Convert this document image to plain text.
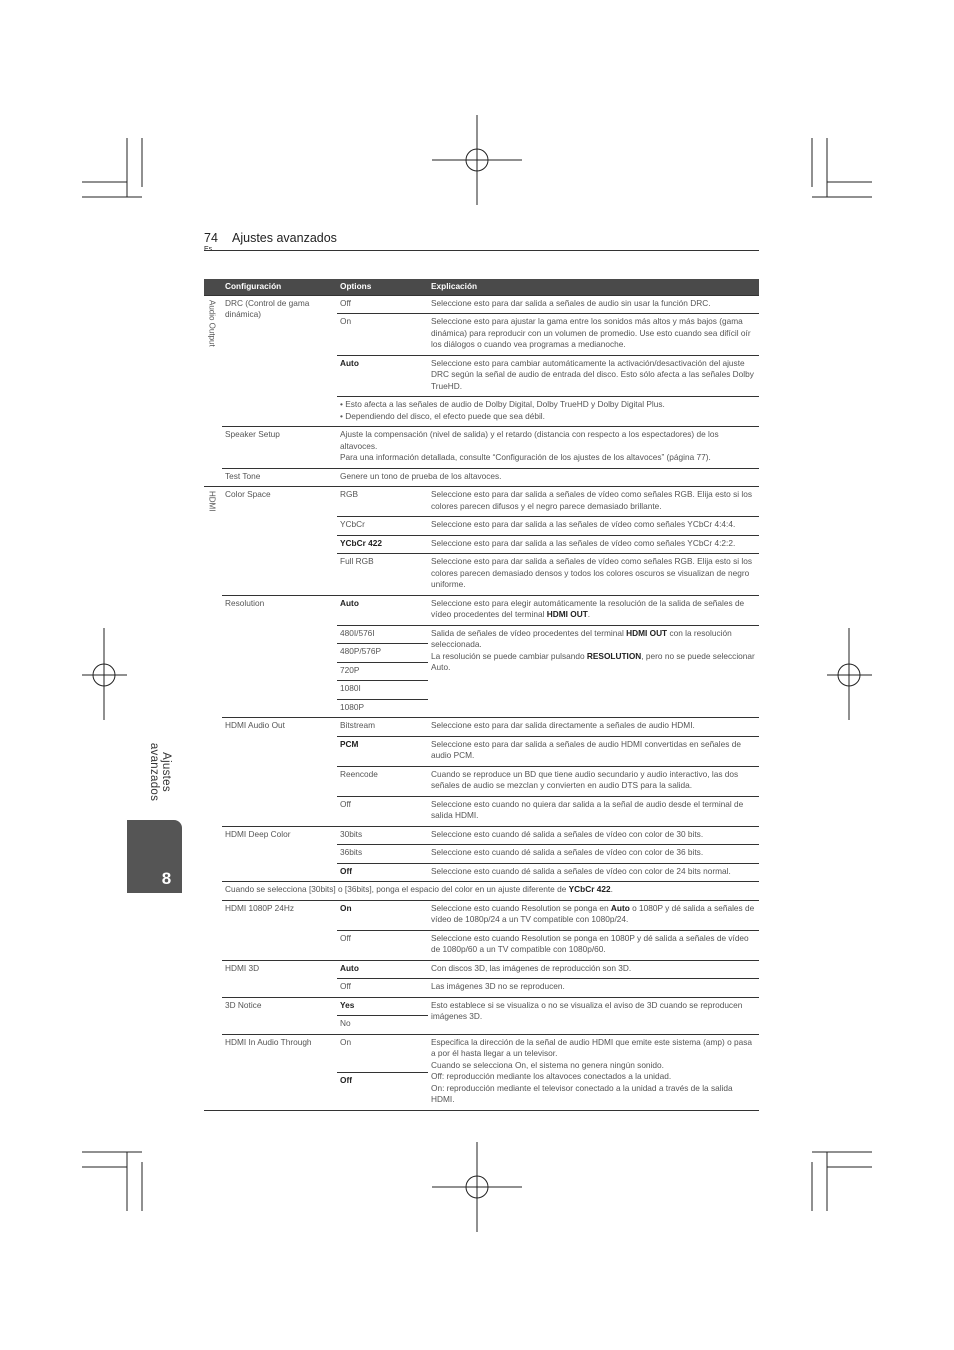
74 Ajustes avanzados
Ajustes avanzados
8
	Configuración	Options	Explicación

Audio Output	DRC (Control de gama dinámica)	Off	Seleccione esto para dar salida a señales de audio sin usar la función DRC.
		On	Seleccione esto para ajustar la gama entre los sonidos más altos y más bajos (gama dinámica) para reproducir con un volumen de promedio. Use esto cuando sea difícil oír los diálogos o cuando vea programas a medianoche.
		Auto	Seleccione esto para cambiar automáticamente la activación/desactivación del ajuste DRC según la señal de audio de entrada del disco. Esto sólo afecta a las señales Dolby TrueHD.
		• Esto afecta a las señales de audio de Dolby Digital, Dolby TrueHD y Dolby Digital Plus.
• Dependiendo del disco, el efecto puede que sea débil.	
	Speaker Setup	Ajuste la compensación (nivel de salida) y el retardo (distancia con respecto a los espectadores) de los altavoces.
Para una información detallada, consulte “Configuración de los ajustes de los altavoces” (página 77).	
	Test Tone	Genere un tono de prueba de los altavoces.	

HDMI	Color Space	RGB	Seleccione esto para dar salida a señales de vídeo como señales RGB. Elija esto si los colores parecen difusos y el negro parece demasiado brillante.
		YCbCr	Seleccione esto para dar salida a las señales de vídeo como señales YCbCr 4:4:4.
		YCbCr 422	Seleccione esto para dar salida a las señales de vídeo como señales YCbCr 4:2:2.
		Full RGB	Seleccione esto para dar salida a señales de vídeo como señales RGB. Elija esto si los colores parecen demasiado densos y todos los colores oscuros se visualizan de negro uniforme.
	Resolution	Auto	Seleccione esto para elegir automáticamente la resolución de la salida de señales de vídeo procedentes del terminal HDMI OUT.
		480I/576I	Salida de señales de vídeo procedentes del terminal HDMI OUT con la resolución seleccionada.
La resolución se puede cambiar pulsando RESOLUTION, pero no se puede seleccionar Auto.
		480P/576P	
		720P	
		1080I	
		1080P	
	HDMI Audio Out	Bitstream	Seleccione esto para dar salida directamente a señales de audio HDMI.
		PCM	Seleccione esto para dar salida a señales de audio HDMI convertidas en señales de audio PCM.
		Reencode	Cuando se reproduce un BD que tiene audio secundario y audio interactivo, las dos señales de audio se mezclan y convierten en audio DTS para la salida.
		Off	Seleccione esto cuando no quiera dar salida a la señal de audio desde el terminal de salida HDMI.
	HDMI Deep Color	30bits	Seleccione esto cuando dé salida a señales de vídeo con color de 30 bits.
		36bits	Seleccione esto cuando dé salida a señales de vídeo con color de 36 bits.
		Off	Seleccione esto cuando dé salida a señales de vídeo con color de 24 bits normal.
	Cuando se selecciona [30bits] o [36bits], ponga el espacio del color en un ajuste diferente de YCbCr 422.		
	HDMI 1080P 24Hz	On	Seleccione esto cuando Resolution se ponga en Auto o 1080P y dé salida a señales de vídeo de 1080p/24 a un TV compatible con 1080p/24.
		Off	Seleccione esto cuando Resolution se ponga en 1080P y dé salida a señales de vídeo de 1080p/60 a un TV compatible con 1080p/60.
	HDMI 3D	Auto	Con discos 3D, las imágenes de reproducción son 3D.
		Off	Las imágenes 3D no se reproducen.
	3D Notice	Yes	Esto establece si se visualiza o no se visualiza el aviso de 3D cuando se reproducen imágenes 3D.
		No	
	HDMI In Audio Through	On	Especifica la dirección de la señal de audio HDMI que emite este sistema (amp) o pasa a por él hasta llegar a un televisor.
Cuando se selecciona On, el sistema no genera ningún sonido.
Off: reproducción mediante los altavoces conectados a la unidad.
On: reproducción mediante el televisor conectado a la unidad a través de la salida HDMI.
		Off	
